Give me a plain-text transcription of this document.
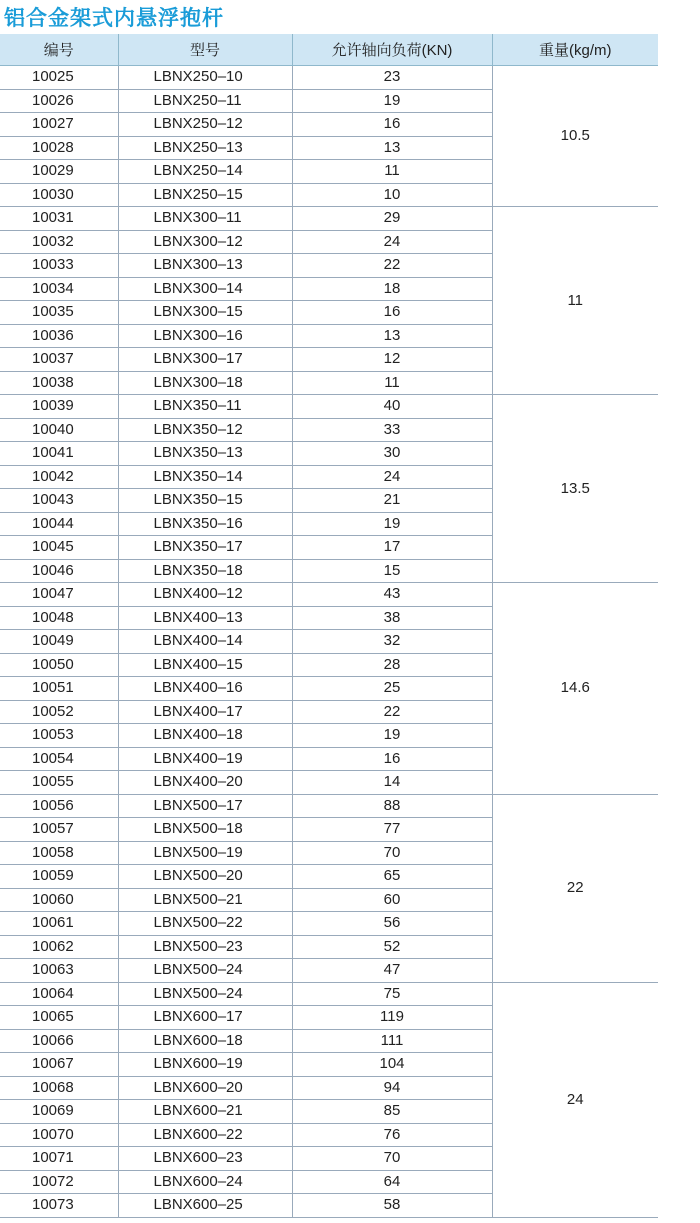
铝合金架式内悬浮抱杆
编号	型号	允许轴向负荷(KN)	重量(kg/m)
10025	LBNX250–10	23	10.5
10026	LBNX250–11	19	
10027	LBNX250–12	16	
10028	LBNX250–13	13	
10029	LBNX250–14	11	
10030	LBNX250–15	10	
10031	LBNX300–11	29	11
10032	LBNX300–12	24	
10033	LBNX300–13	22	
10034	LBNX300–14	18	
10035	LBNX300–15	16	
10036	LBNX300–16	13	
10037	LBNX300–17	12	
10038	LBNX300–18	11	
10039	LBNX350–11	40	13.5
10040	LBNX350–12	33	
10041	LBNX350–13	30	
10042	LBNX350–14	24	
10043	LBNX350–15	21	
10044	LBNX350–16	19	
10045	LBNX350–17	17	
10046	LBNX350–18	15	
10047	LBNX400–12	43	14.6
10048	LBNX400–13	38	
10049	LBNX400–14	32	
10050	LBNX400–15	28	
10051	LBNX400–16	25	
10052	LBNX400–17	22	
10053	LBNX400–18	19	
10054	LBNX400–19	16	
10055	LBNX400–20	14	
10056	LBNX500–17	88	22
10057	LBNX500–18	77	
10058	LBNX500–19	70	
10059	LBNX500–20	65	
10060	LBNX500–21	60	
10061	LBNX500–22	56	
10062	LBNX500–23	52	
10063	LBNX500–24	47	
10064	LBNX500–24	75	24
10065	LBNX600–17	119	
10066	LBNX600–18	111	
10067	LBNX600–19	104	
10068	LBNX600–20	94	
10069	LBNX600–21	85	
10070	LBNX600–22	76	
10071	LBNX600–23	70	
10072	LBNX600–24	64	
10073	LBNX600–25	58	
